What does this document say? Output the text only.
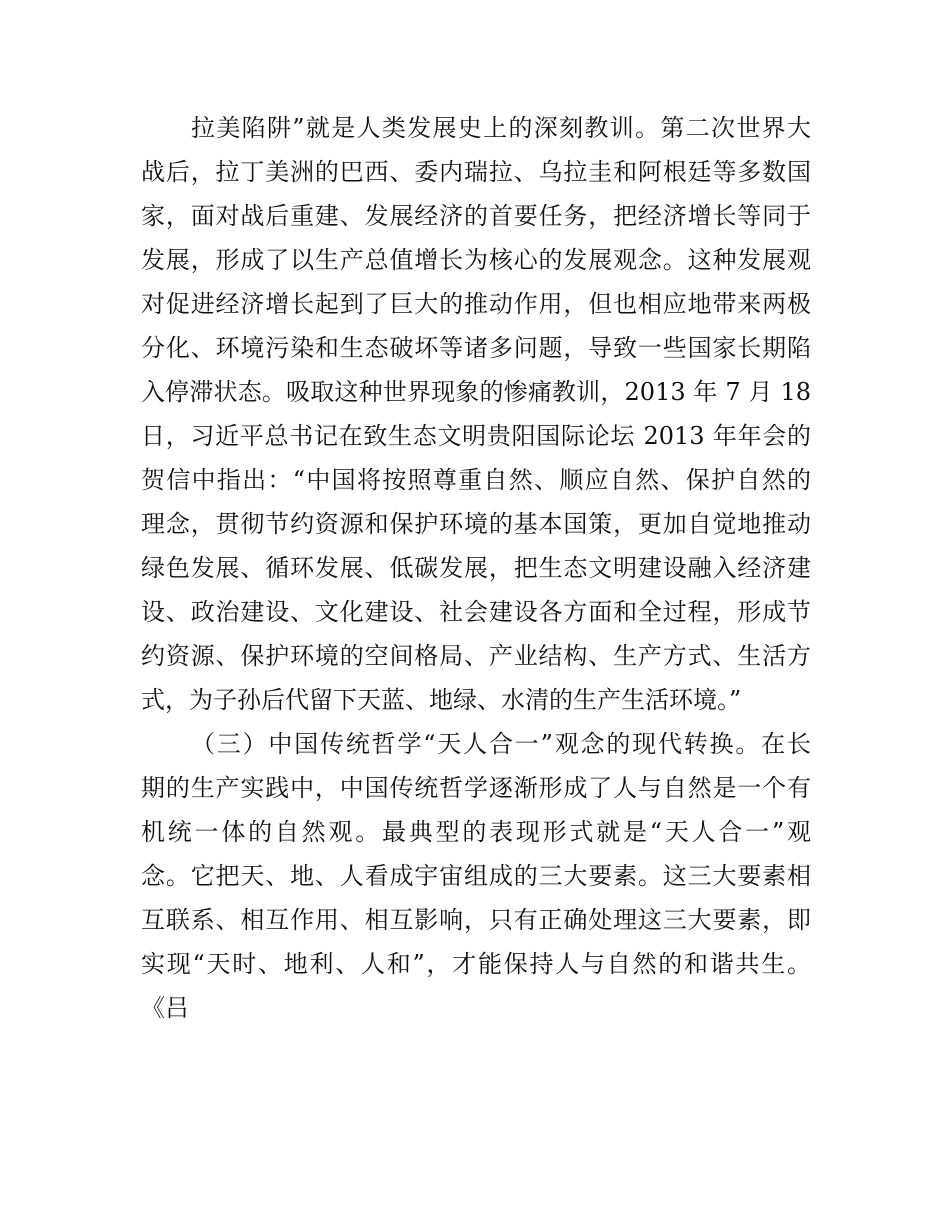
拉美陷阱”就是人类发展史上的深刻教训。第二次世界大
战后，拉丁美洲的巴西、委内瑞拉、乌拉圭和阿根廷等多数国
家，面对战后重建、发展经济的首要任务，把经济增长等同于
发展，形成了以生产总值增长为核心的发展观念。这种发展观
对促进经济增长起到了巨大的推动作用，但也相应地带来两极
分化、环境污染和生态破坏等诸多问题，导致一些国家长期陷
入停滞状态。吸取这种世界现象的惨痛教训，2013 年 7 月 18
日，习近平总书记在致生态文明贵阳国际论坛 2013 年年会的
贺信中指出：“中国将按照尊重自然、顺应自然、保护自然的
理念，贯彻节约资源和保护环境的基本国策，更加自觉地推动
绿色发展、循环发展、低碳发展，把生态文明建设融入经济建
设、政治建设、文化建设、社会建设各方面和全过程，形成节
约资源、保护环境的空间格局、产业结构、生产方式、生活方
式，为子孙后代留下天蓝、地绿、水清的生产生活环境。”
（三）中国传统哲学“天人合一”观念的现代转换。在长
期的生产实践中，中国传统哲学逐渐形成了人与自然是一个有
机统一体的自然观。最典型的表现形式就是“天人合一”观
念。它把天、地、人看成宇宙组成的三大要素。这三大要素相
互联系、相互作用、相互影响，只有正确处理这三大要素，即
实现“天时、地利、人和”，才能保持人与自然的和谐共生。
《吕
